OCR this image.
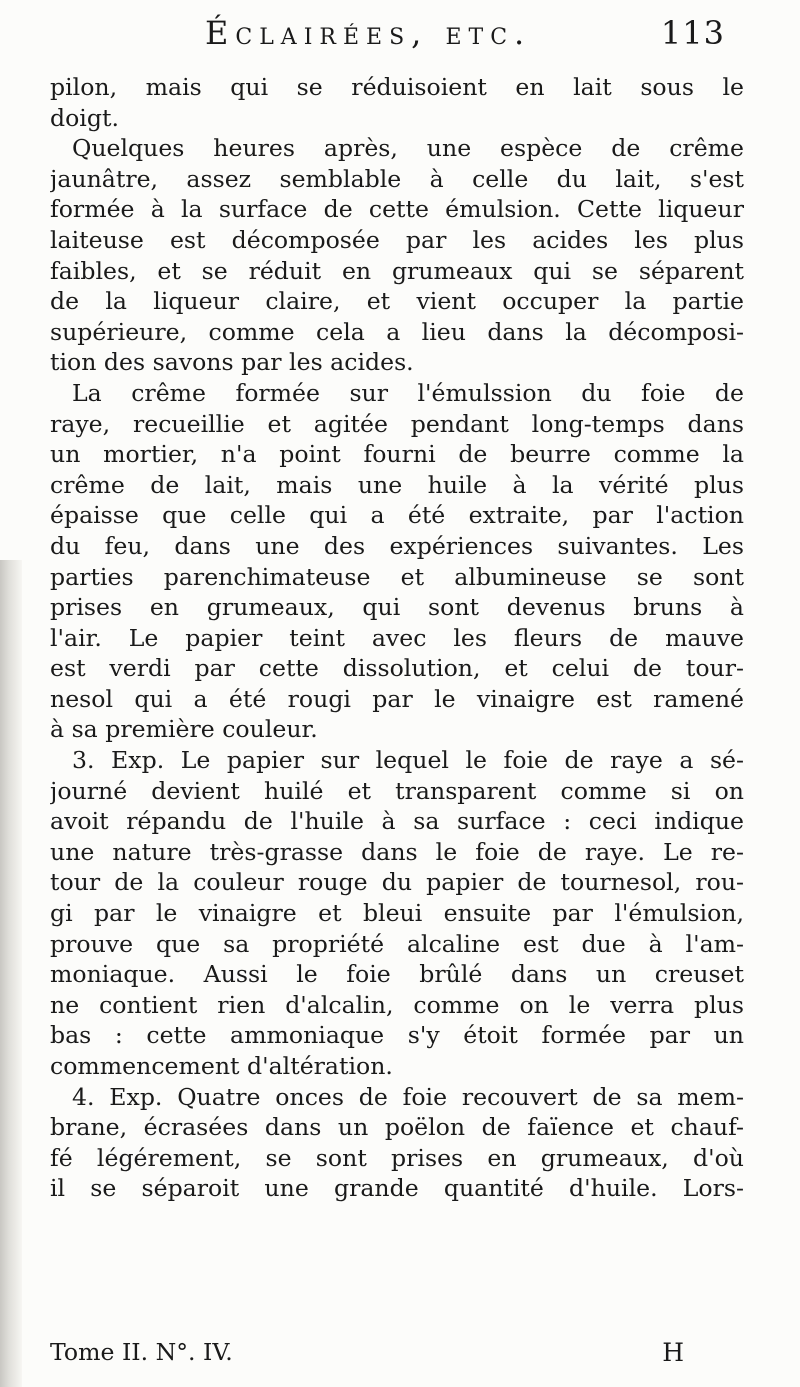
Éclairées, etc.	113
pilon, mais qui se réduisoient en lait sous le
doigt.
Quelques heures après, une espèce de crême
jaunâtre, assez semblable à celle du lait, s'est
formée à la surface de cette émulsion. Cette liqueur
laiteuse est décomposée par les acides les plus
faibles, et se réduit en grumeaux qui se séparent
de la liqueur claire, et vient occuper la partie
supérieure, comme cela a lieu dans la décomposi-
tion des savons par les acides.
La crême formée sur l'émulssion du foie de
raye, recueillie et agitée pendant long-temps dans
un mortier, n'a point fourni de beurre comme la
crême de lait, mais une huile à la vérité plus
épaisse que celle qui a été extraite, par l'action
du feu, dans une des expériences suivantes. Les
parties parenchimateuse et albumineuse se sont
prises en grumeaux, qui sont devenus bruns à
l'air. Le papier teint avec les fleurs de mauve
est verdi par cette dissolution, et celui de tour-
nesol qui a été rougi par le vinaigre est ramené
à sa première couleur.
3. Exp. Le papier sur lequel le foie de raye a sé-
journé devient huilé et transparent comme si on
avoit répandu de l'huile à sa surface : ceci indique
une nature très-grasse dans le foie de raye. Le re-
tour de la couleur rouge du papier de tournesol, rou-
gi par le vinaigre et bleui ensuite par l'émulsion,
prouve que sa propriété alcaline est due à l'am-
moniaque. Aussi le foie brûlé dans un creuset
ne contient rien d'alcalin, comme on le verra plus
bas : cette ammoniaque s'y étoit formée par un
commencement d'altération.
4. Exp. Quatre onces de foie recouvert de sa mem-
brane, écrasées dans un poëlon de faïence et chauf-
fé légérement, se sont prises en grumeaux, d'où
il se séparoit une grande quantité d'huile. Lors-
Tome II. N°. IV.	H
